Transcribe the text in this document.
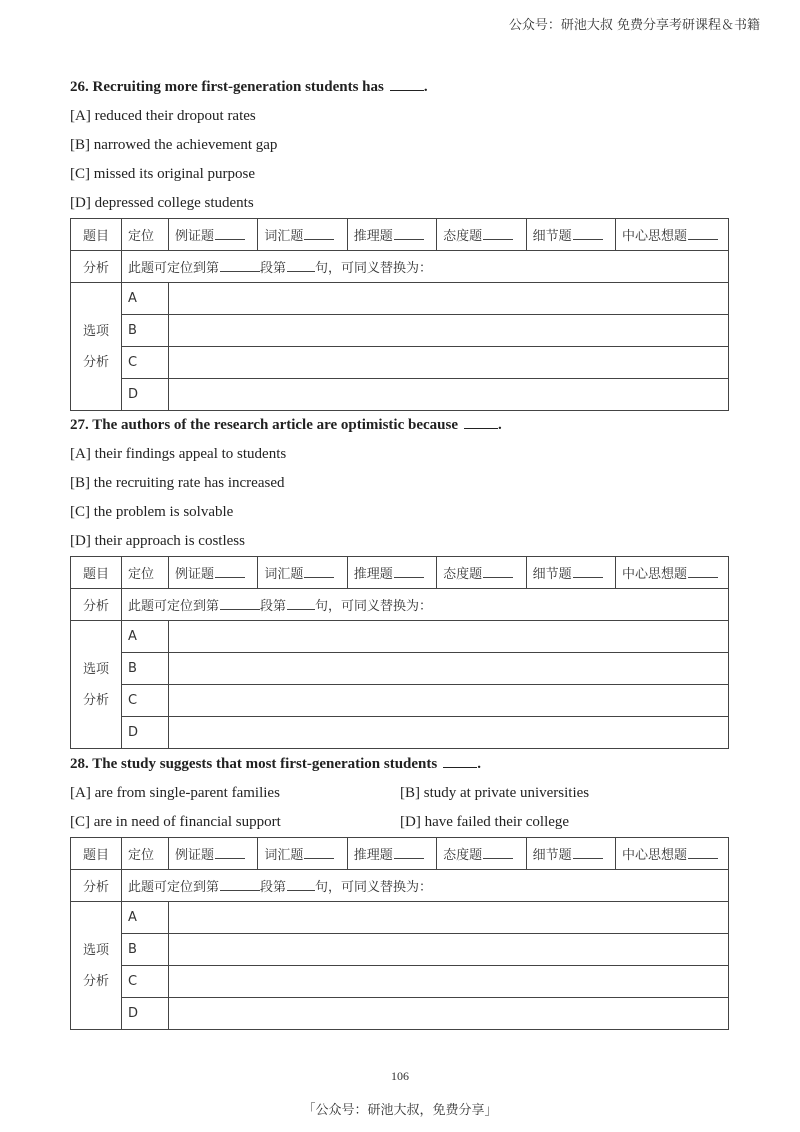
公众号：研池大叔 免费分享考研课程＆书籍

26. Recruiting more first-generation students has	.

[A] reduced their dropout rates
[B] narrowed the achievement gap
[C] missed its original purpose
[D] depressed college students
题目	定位	例证题	词汇题	推理题	态度题	细节题	中心思想题
分析	此题可定位到第 段第 句，可同义替换为：						
选项
分析	A						
	B						
	C						
	D						

27. The authors of the research article are optimistic because	.

[A] their findings appeal to students
[B] the recruiting rate has increased
[C] the problem is solvable
[D] their approach is costless
题目	定位	例证题	词汇题	推理题	态度题	细节题	中心思想题
分析	此题可定位到第 段第 句，可同义替换为：						
选项
分析	A						
	B						
	C						
	D						

28. The study suggests that most first-generation students	.

[A] are from single-parent families	[B] study at private universities
[C] are in need of financial support	[D] have failed their college
题目	定位	例证题	词汇题	推理题	态度题	细节题	中心思想题
分析	此题可定位到第 段第 句，可同义替换为：						
选项
分析	A						
	B						
	C						
	D						
106
「公众号：研池大叔，免费分享」
